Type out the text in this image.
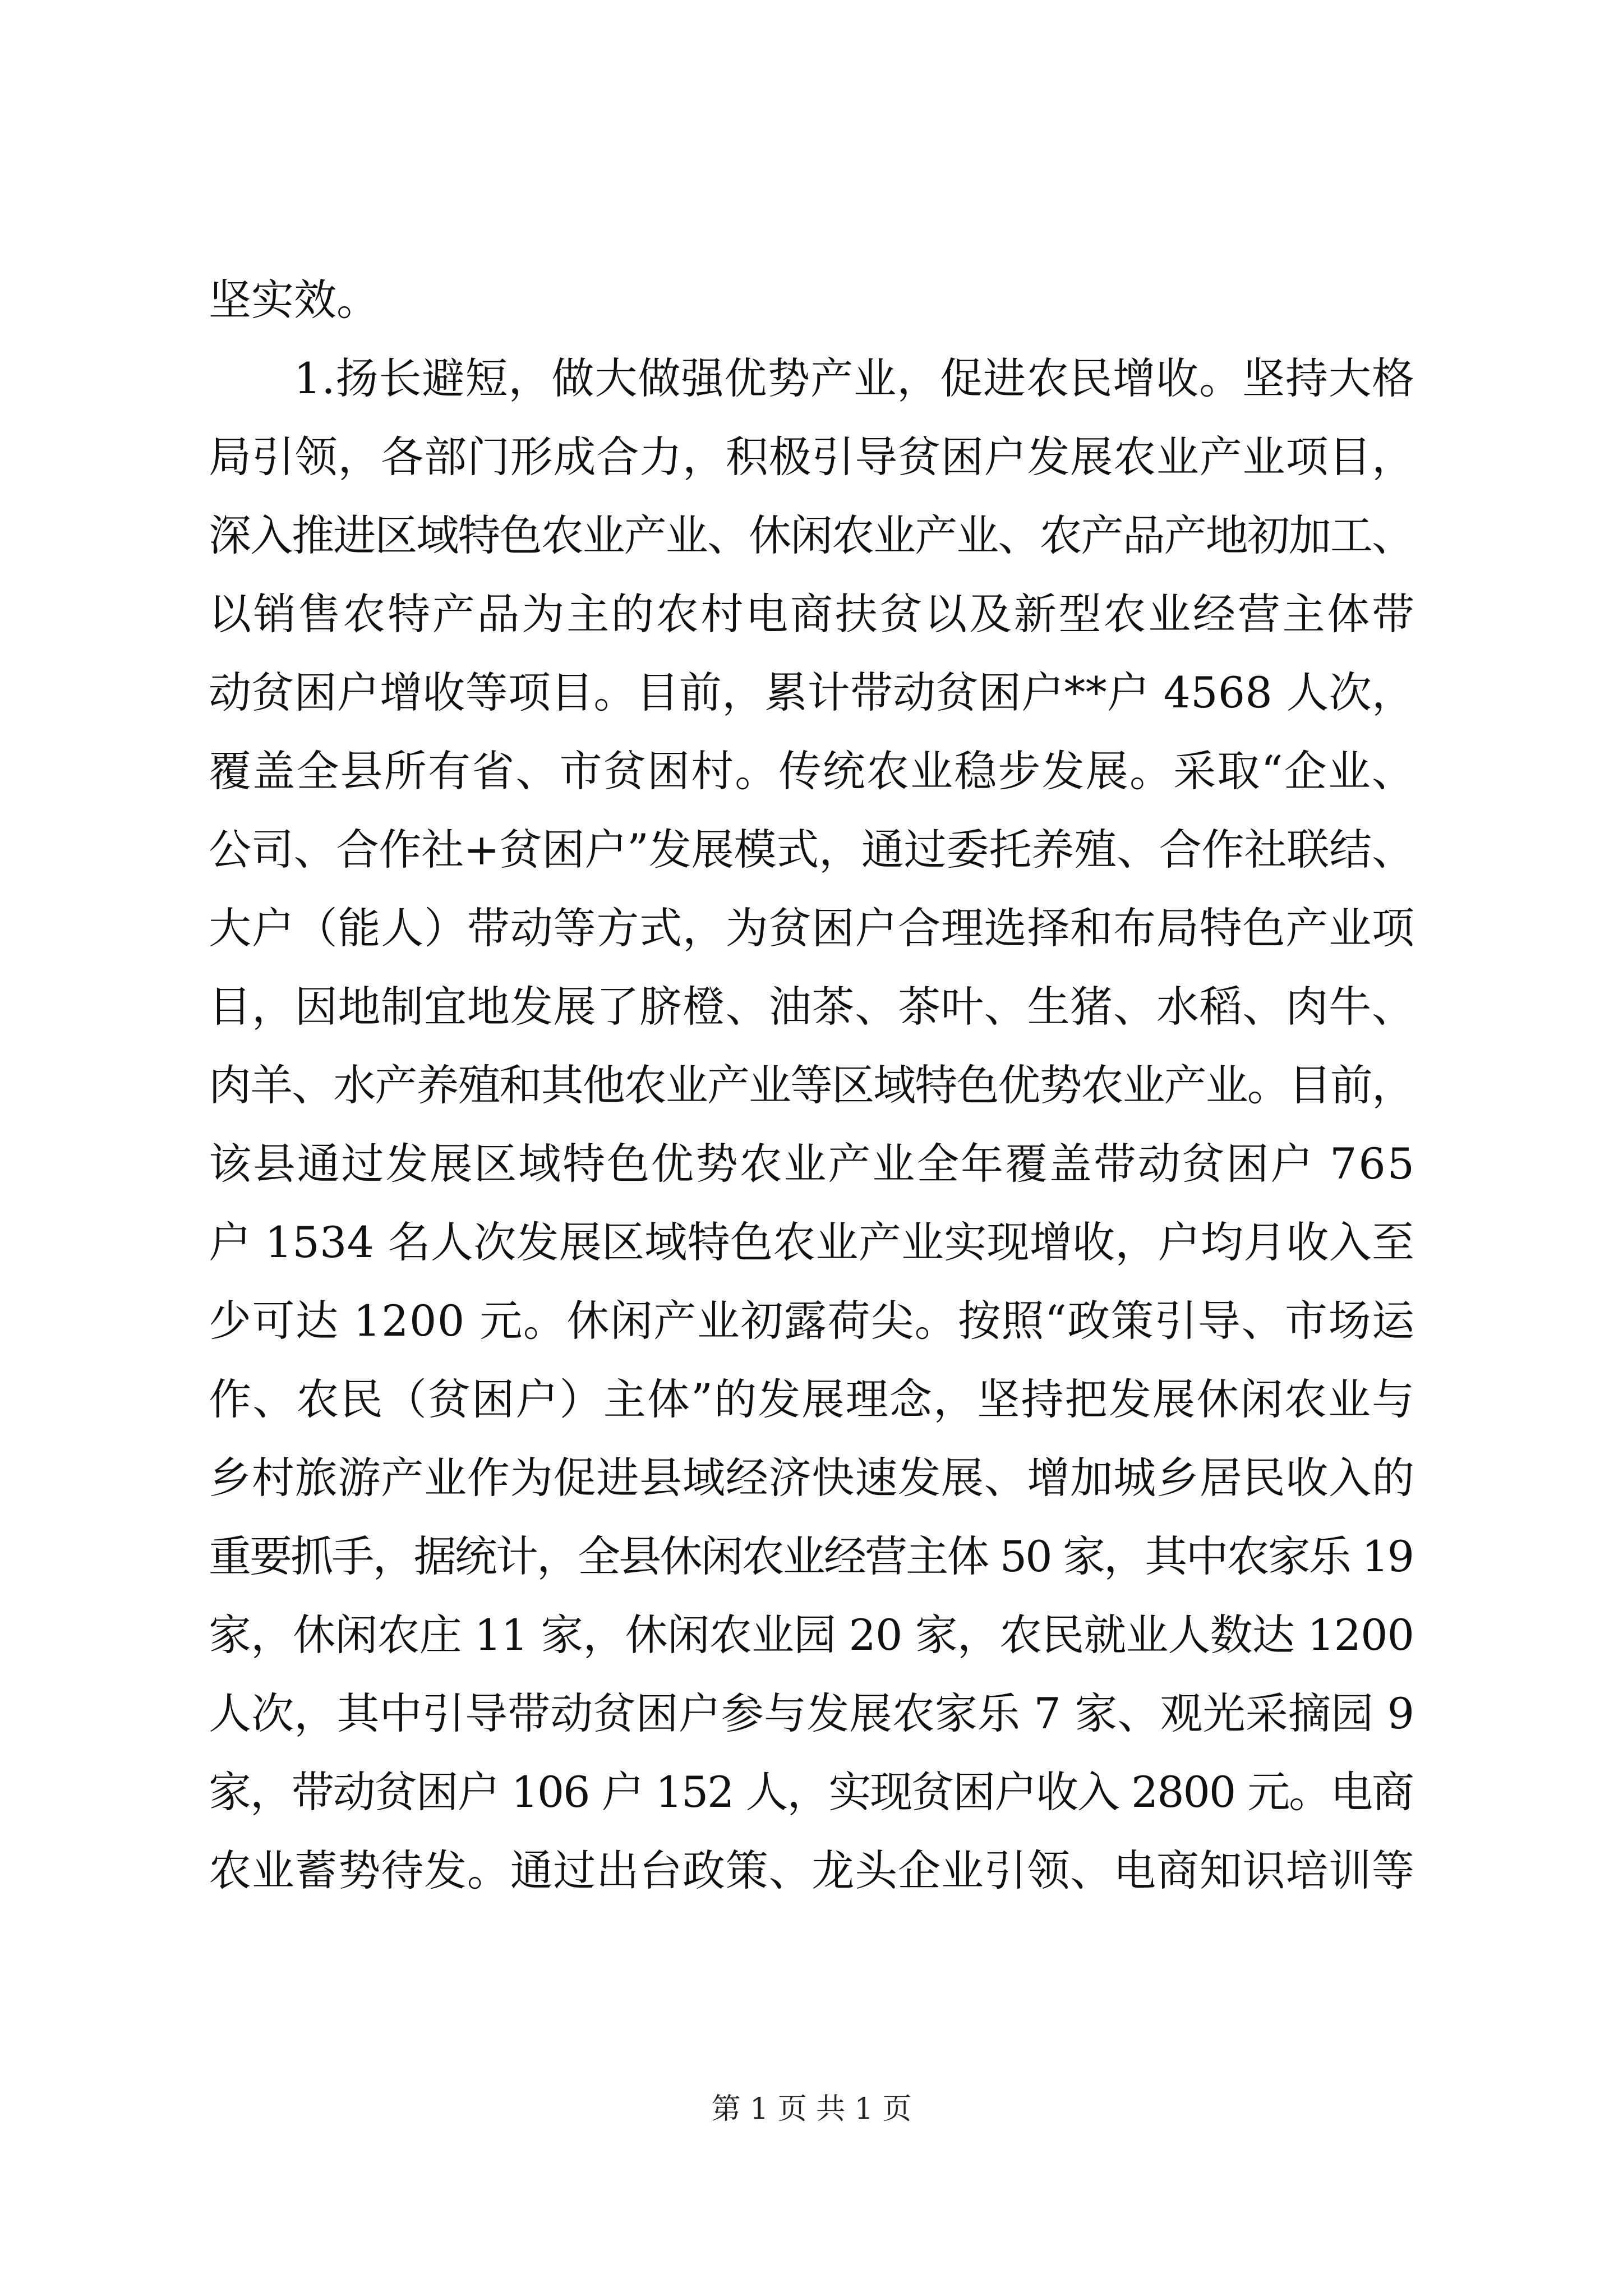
坚实效。
1.扬长避短，做大做强优势产业，促进农民增收。坚持大格
局引领，各部门形成合力，积极引导贫困户发展农业产业项目，
深入推进区域特色农业产业、休闲农业产业、农产品产地初加工、
以销售农特产品为主的农村电商扶贫以及新型农业经营主体带
动贫困户增收等项目。目前，累计带动贫困户**户 4568 人次，
覆盖全县所有省、市贫困村。传统农业稳步发展。采取“企业、
公司、合作社+贫困户”发展模式，通过委托养殖、合作社联结、
大户（能人）带动等方式，为贫困户合理选择和布局特色产业项
目，因地制宜地发展了脐橙、油茶、茶叶、生猪、水稻、肉牛、
肉羊、水产养殖和其他农业产业等区域特色优势农业产业。目前，
该县通过发展区域特色优势农业产业全年覆盖带动贫困户 765
户 1534 名人次发展区域特色农业产业实现增收，户均月收入至
少可达 1200 元。休闲产业初露荷尖。按照“政策引导、市场运
作、农民（贫困户）主体”的发展理念，坚持把发展休闲农业与
乡村旅游产业作为促进县域经济快速发展、增加城乡居民收入的
重要抓手，据统计，全县休闲农业经营主体 50 家，其中农家乐 19
家，休闲农庄 11 家，休闲农业园 20 家，农民就业人数达 1200
人次，其中引导带动贫困户参与发展农家乐 7 家、观光采摘园 9
家，带动贫困户 106 户 152 人，实现贫困户收入 2800 元。电商
农业蓄势待发。通过出台政策、龙头企业引领、电商知识培训等
第 1 页 共 1 页
